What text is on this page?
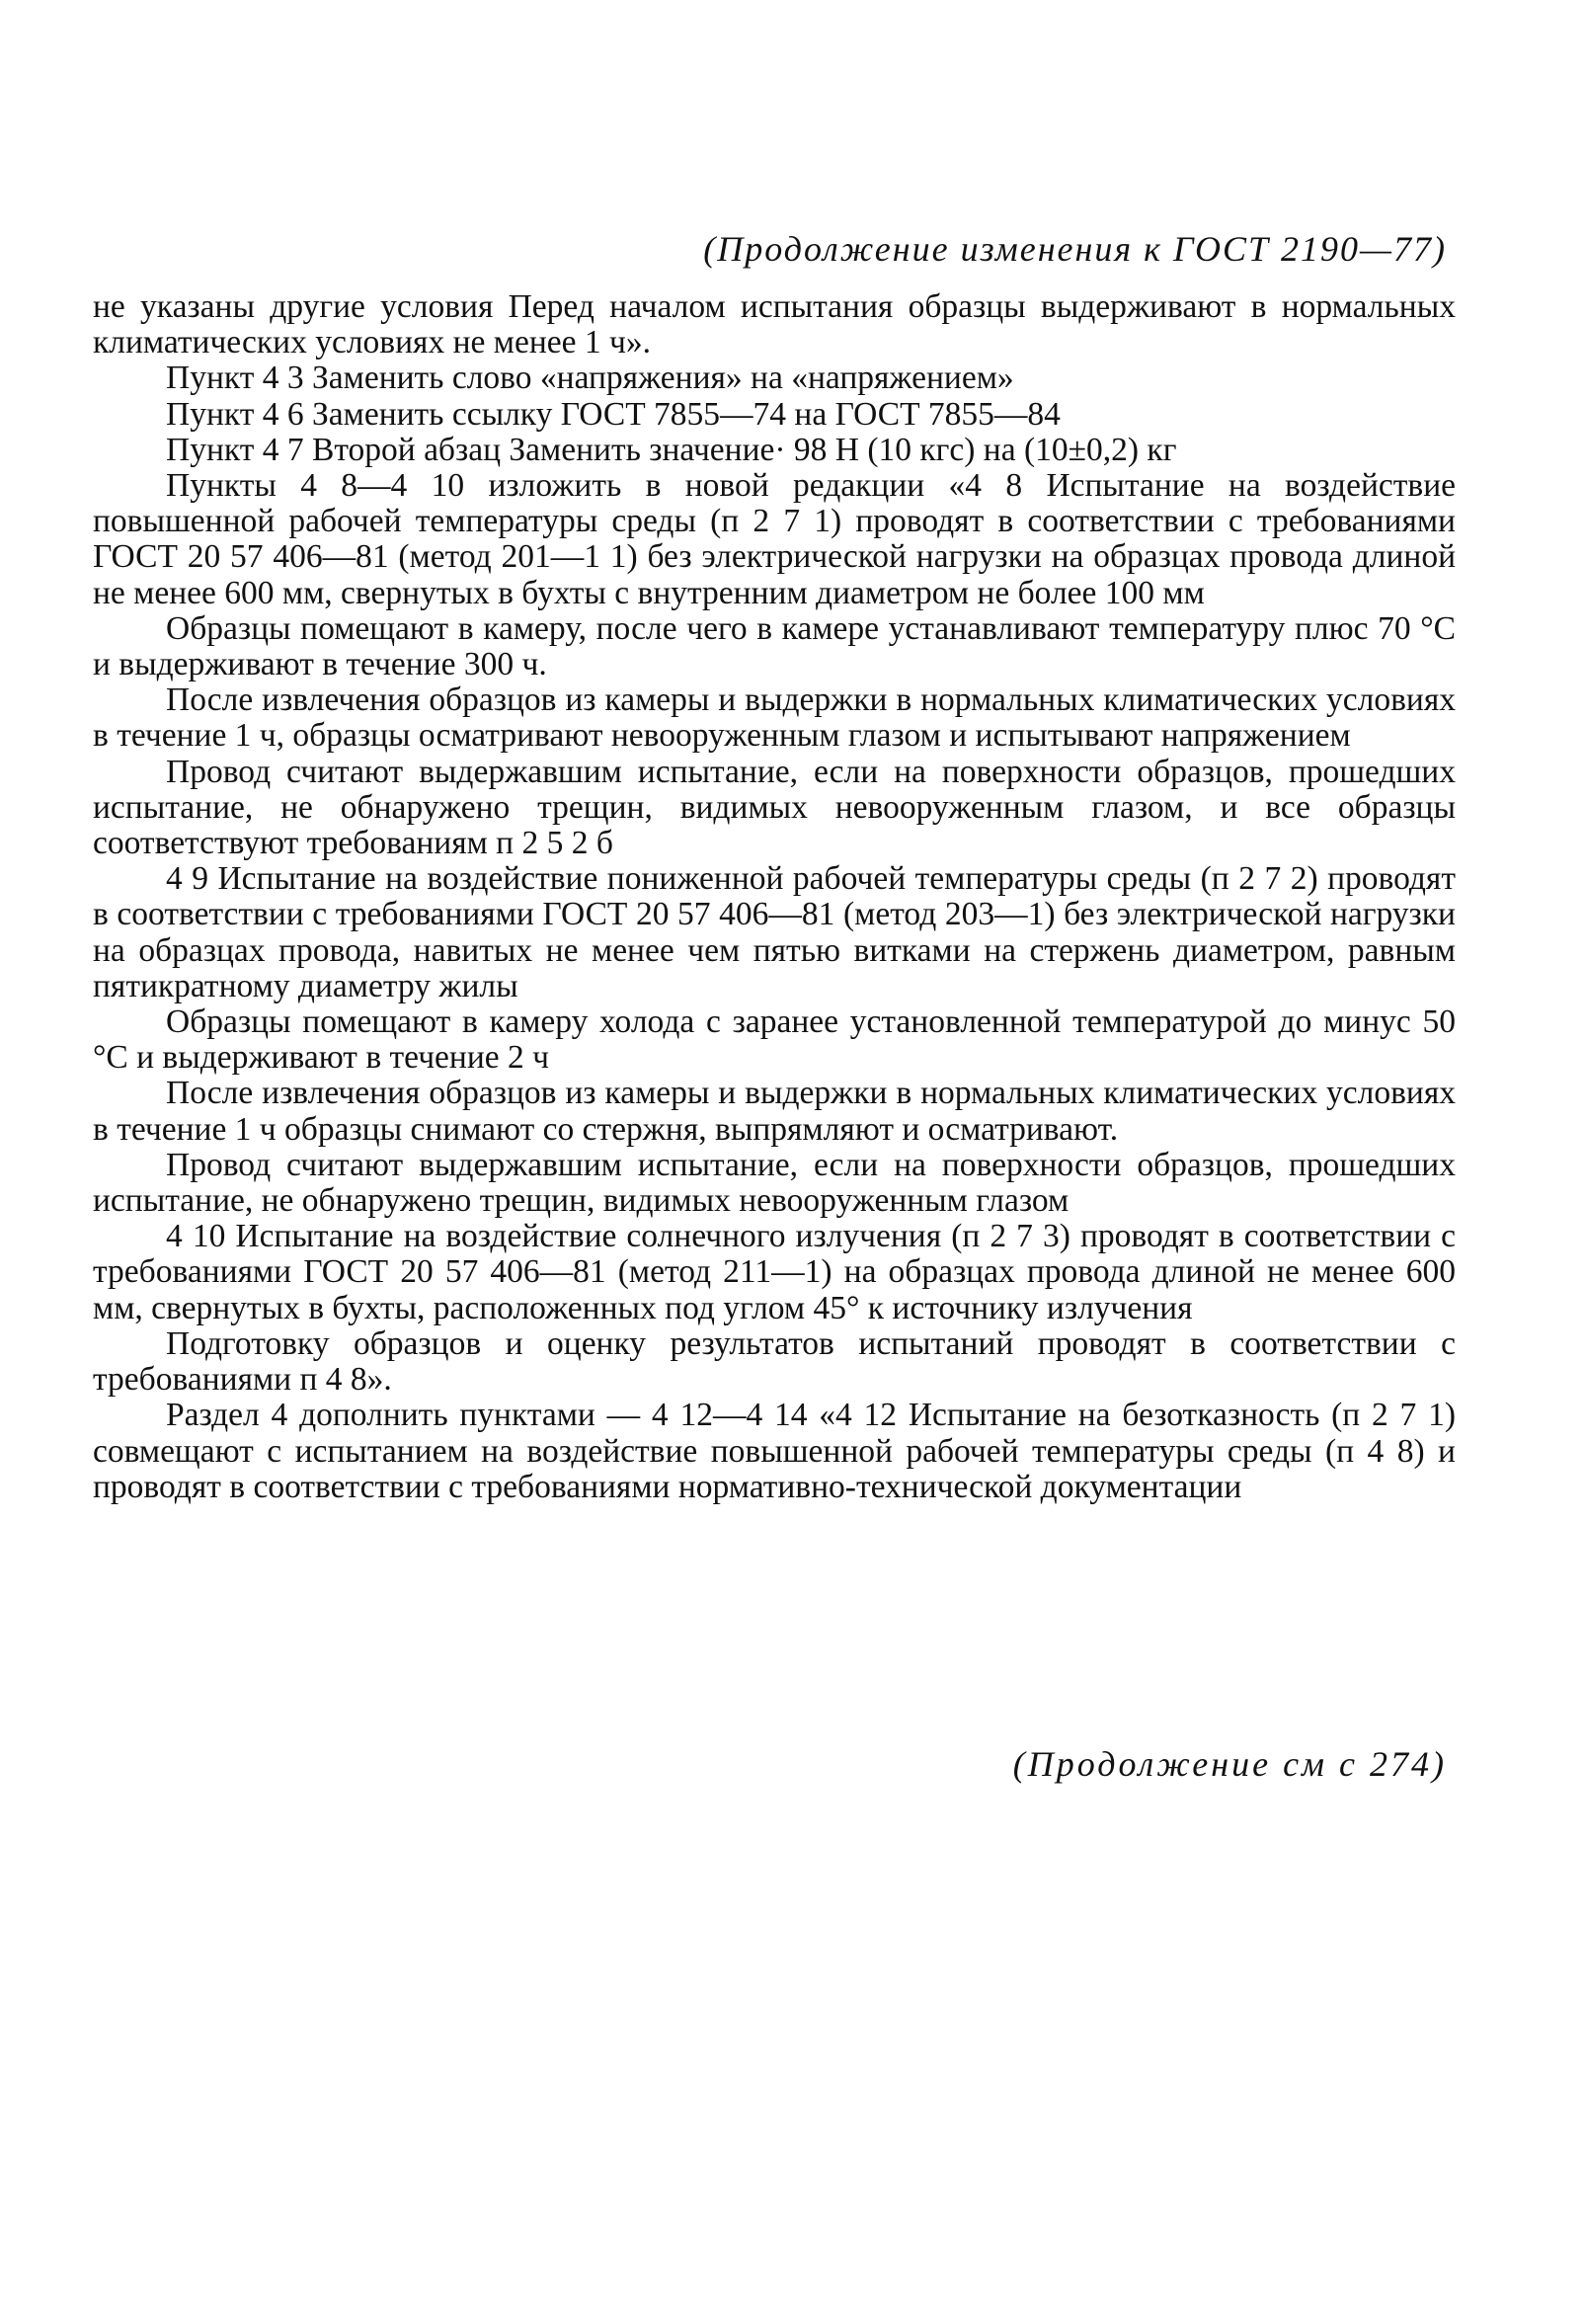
(Продолжение изменения к ГОСТ 2190—77)

не указаны другие условия Перед началом испытания образцы выдерживают в нормальных климатических условиях не менее 1 ч».

Пункт 4 3 Заменить слово «напряжения» на «напряжением»

Пункт 4 6 Заменить ссылку ГОСТ 7855—74 на ГОСТ 7855—84

Пункт 4 7 Второй абзац Заменить значение· 98 Н (10 кгс) на (10±0,2) кг

Пункты 4 8—4 10 изложить в новой редакции «4 8 Испытание на воздействие повышенной рабочей температуры среды (п 2 7 1) проводят в соответствии с требованиями ГОСТ 20 57 406—81 (метод 201—1 1) без электрической нагрузки на образцах провода длиной не менее 600 мм, свернутых в бухты с внутренним диаметром не более 100 мм

Образцы помещают в камеру, после чего в камере устанавливают температуру плюс 70 °С и выдерживают в течение 300 ч.

После извлечения образцов из камеры и выдержки в нормальных климатических условиях в течение 1 ч, образцы осматривают невооруженным глазом и испытывают напряжением

Провод считают выдержавшим испытание, если на поверхности образцов, прошедших испытание, не обнаружено трещин, видимых невооруженным глазом, и все образцы соответствуют требованиям п 2 5 2 б

4 9 Испытание на воздействие пониженной рабочей температуры среды (п 2 7 2) проводят в соответствии с требованиями ГОСТ 20 57 406—81 (метод 203—1) без электрической нагрузки на образцах провода, навитых не менее чем пятью витками на стержень диаметром, равным пятикратному диаметру жилы

Образцы помещают в камеру холода с заранее установленной температурой до минус 50 °С и выдерживают в течение 2 ч

После извлечения образцов из камеры и выдержки в нормальных климатических условиях в течение 1 ч образцы снимают со стержня, выпрямляют и осматривают.

Провод считают выдержавшим испытание, если на поверхности образцов, прошедших испытание, не обнаружено трещин, видимых невооруженным глазом

4 10 Испытание на воздействие солнечного излучения (п 2 7 3) проводят в соответствии с требованиями ГОСТ 20 57 406—81 (метод 211—1) на образцах провода длиной не менее 600 мм, свернутых в бухты, расположенных под углом 45° к источнику излучения

Подготовку образцов и оценку результатов испытаний проводят в соответствии с требованиями п 4 8».

Раздел 4 дополнить пунктами — 4 12—4 14 «4 12 Испытание на безотказность (п 2 7 1) совмещают с испытанием на воздействие повышенной рабочей температуры среды (п 4 8) и проводят в соответствии с требованиями нормативно-технической документации

(Продолжение см с 274)
